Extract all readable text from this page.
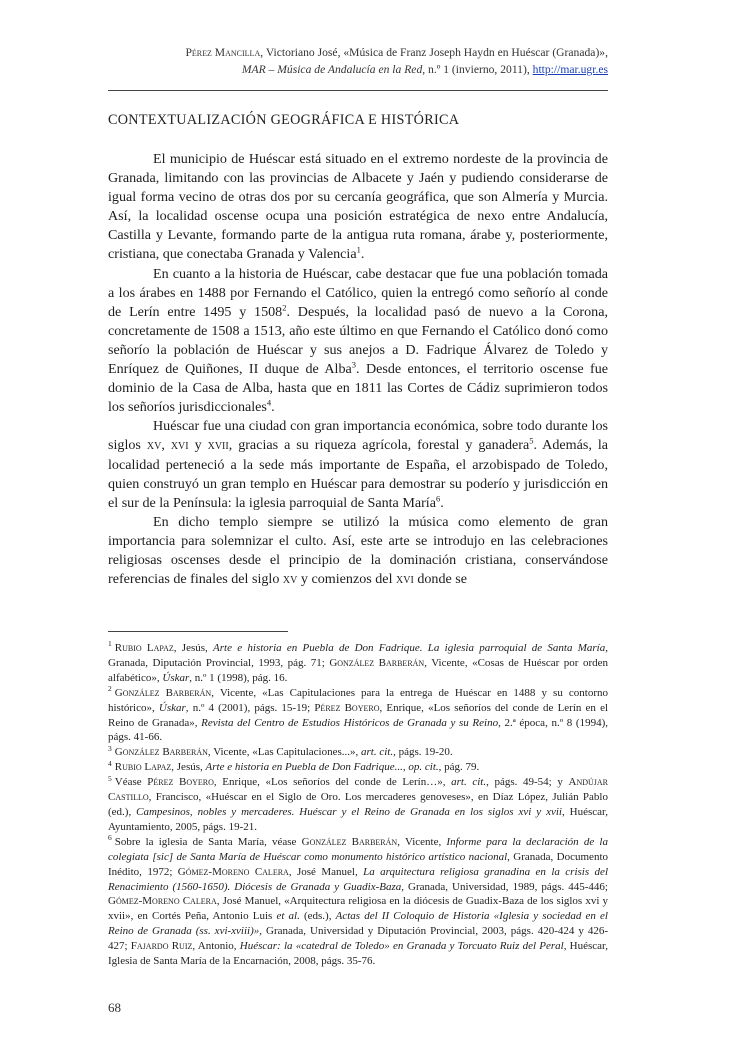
Pérez Mancilla, Victoriano José, «Música de Franz Joseph Haydn en Huéscar (Granada)»,
MAR – Música de Andalucía en la Red, n.º 1 (invierno, 2011), http://mar.ugr.es
CONTEXTUALIZACIÓN GEOGRÁFICA E HISTÓRICA

El municipio de Huéscar está situado en el extremo nordeste de la provincia de Granada, limitando con las provincias de Albacete y Jaén y pudiendo considerarse de igual forma vecino de otras dos por su cercanía geográfica, que son Almería y Murcia. Así, la localidad oscense ocupa una posición estratégica de nexo entre Andalucía, Castilla y Levante, formando parte de la antigua ruta romana, árabe y, posteriormente, cristiana, que conectaba Granada y Valencia$^1$.

En cuanto a la historia de Huéscar, cabe destacar que fue una población tomada a los árabes en 1488 por Fernando el Católico, quien la entregó como señorío al conde de Lerín entre 1495 y 1508$^2$. Después, la localidad pasó de nuevo a la Corona, concretamente de 1508 a 1513, año este último en que Fernando el Católico donó como señorío la población de Huéscar y sus anejos a D. Fadrique Álvarez de Toledo y Enríquez de Quiñones, II duque de Alba$^3$. Desde entonces, el territorio oscense fue dominio de la Casa de Alba, hasta que en 1811 las Cortes de Cádiz suprimieron todos los señoríos jurisdiccionales$^4$.

Huéscar fue una ciudad con gran importancia económica, sobre todo durante los siglos xv, xvi y xvii, gracias a su riqueza agrícola, forestal y ganadera$^5$. Además, la localidad perteneció a la sede más importante de España, el arzobispado de Toledo, quien construyó un gran templo en Huéscar para demostrar su poderío y jurisdicción en el sur de la Península: la iglesia parroquial de Santa María$^6$.

En dicho templo siempre se utilizó la música como elemento de gran importancia para solemnizar el culto. Así, este arte se introdujo en las celebraciones religiosas oscenses desde el principio de la dominación cristiana, conservándose referencias de finales del siglo xv y comienzos del xvi donde se

$^1$ Rubio Lapaz, Jesús, Arte e historia en Puebla de Don Fadrique. La iglesia parroquial de Santa María, Granada, Diputación Provincial, 1993, pág. 71; González Barberán, Vicente, «Cosas de Huéscar por orden alfabético», Úskar, n.º 1 (1998), pág. 16.

$^2$ González Barberán, Vicente, «Las Capitulaciones para la entrega de Huéscar en 1488 y su contorno histórico», Úskar, n.º 4 (2001), págs. 15-19; Pérez Boyero, Enrique, «Los señoríos del conde de Lerín en el Reino de Granada», Revista del Centro de Estudios Históricos de Granada y su Reino, 2.ª época, n.º 8 (1994), págs. 41-66.

$^3$ González Barberán, Vicente, «Las Capitulaciones...», art. cit., págs. 19-20.

$^4$ Rubio Lapaz, Jesús, Arte e historia en Puebla de Don Fadrique..., op. cit., pág. 79.

$^5$ Véase Pérez Boyero, Enrique, «Los señoríos del conde de Lerín…», art. cit., págs. 49-54; y Andújar Castillo, Francisco, «Huéscar en el Siglo de Oro. Los mercaderes genoveses», en Díaz López, Julián Pablo (ed.), Campesinos, nobles y mercaderes. Huéscar y el Reino de Granada en los siglos xvi y xvii, Huéscar, Ayuntamiento, 2005, págs. 19-21.

$^6$ Sobre la iglesia de Santa María, véase González Barberán, Vicente, Informe para la declaración de la colegiata [sic] de Santa María de Huéscar como monumento histórico artístico nacional, Granada, Documento Inédito, 1972; Gómez-Moreno Calera, José Manuel, La arquitectura religiosa granadina en la crisis del Renacimiento (1560-1650). Diócesis de Granada y Guadix-Baza, Granada, Universidad, 1989, págs. 445-446; Gómez-Moreno Calera, José Manuel, «Arquitectura religiosa en la diócesis de Guadix-Baza de los siglos xvi y xvii», en Cortés Peña, Antonio Luis et al. (eds.), Actas del II Coloquio de Historia «Iglesia y sociedad en el Reino de Granada (ss. xvi-xviii)», Granada, Universidad y Diputación Provincial, 2003, págs. 420-424 y 426-427; Fajardo Ruiz, Antonio, Huéscar: la «catedral de Toledo» en Granada y Torcuato Ruiz del Peral, Huéscar, Iglesia de Santa María de la Encarnación, 2008, págs. 35-76.

68
